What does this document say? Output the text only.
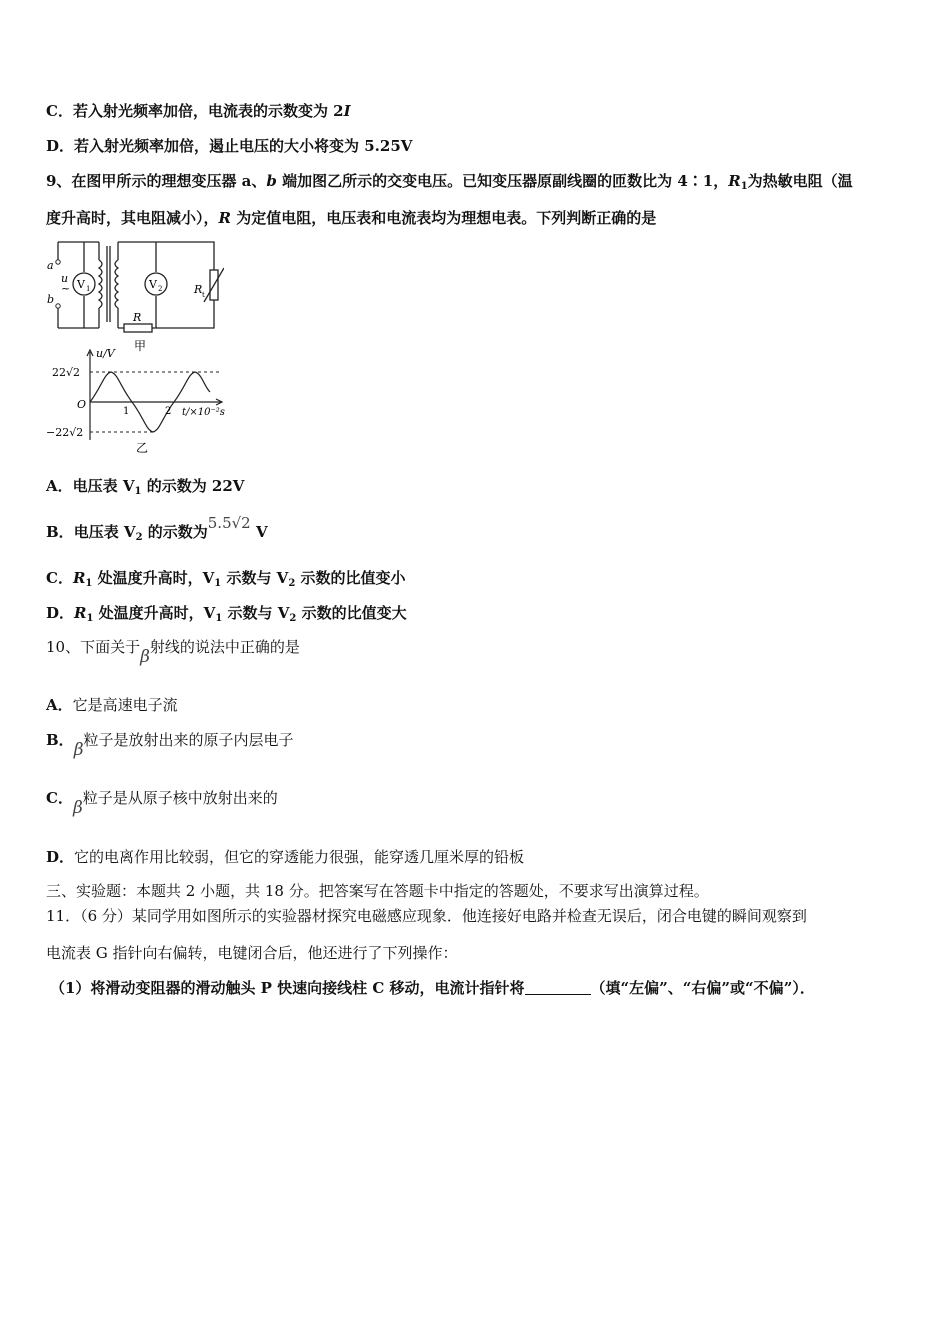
C．若入射光频率加倍，电流表的示数变为 2I
D．若入射光频率加倍，遏止电压的大小将变为 5.25V
9、在图甲所示的理想变压器 a、b 端加图乙所示的交变电压。已知变压器原副线圈的匝数比为 4∶1，$R_1$为热敏电阻（温
度升高时，其电阻减小），R 为定值电阻，电压表和电流表均为理想电表。下列判断正确的是
a
b
u
~ V 1	V 2	R t
R
甲
u/V
22√2
−22√2
O
1	2 t/×10⁻²s
乙
A．电压表 $V_1$ 的示数为 22V
B．电压表 $V_2$ 的示数为5.5√2 V
C．$R_1$ 处温度升高时，$V_1$ 示数与 $V_2$ 示数的比值变小
D．$R_1$ 处温度升高时，$V_1$ 示数与 $V_2$ 示数的比值变大
10、下面关于β射线的说法中正确的是
A．它是高速电子流
B．β粒子是放射出来的原子内层电子
C．β粒子是从原子核中放射出来的
D．它的电离作用比较弱，但它的穿透能力很强，能穿透几厘米厚的铅板
三、实验题：本题共 2 小题，共 18 分。把答案写在答题卡中指定的答题处，不要求写出演算过程。
11．（6 分）某同学用如图所示的实验器材探究电磁感应现象．他连接好电路并检查无误后，闭合电键的瞬间观察到
电流表 G 指针向右偏转，电键闭合后，他还进行了下列操作：
（1）将滑动变阻器的滑动触头 P 快速向接线柱 C 移动，电流计指针将	（填“左偏”、“右偏”或“不偏”）．
